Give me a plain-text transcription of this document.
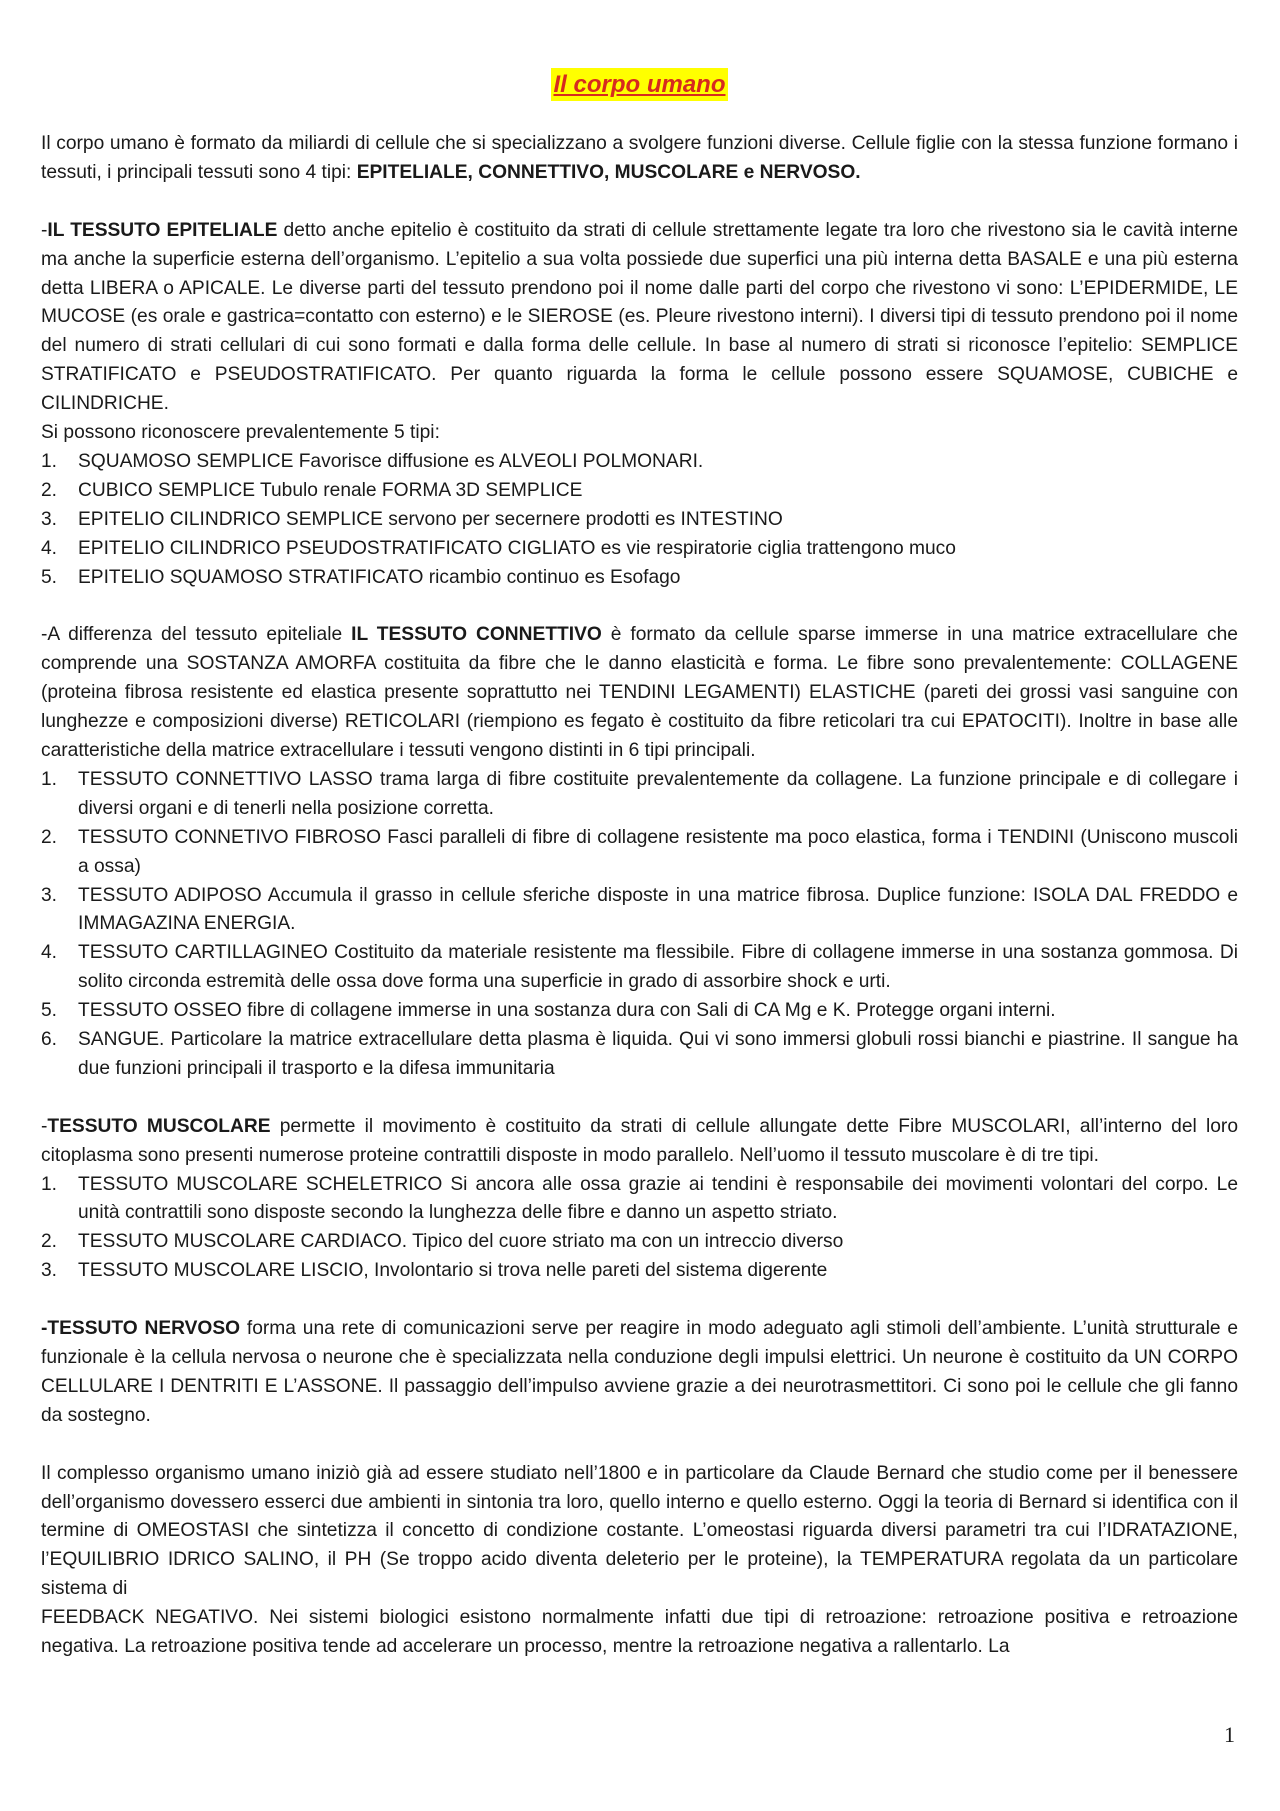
Il corpo umano

Il corpo umano è formato da miliardi di cellule che si specializzano a svolgere funzioni diverse. Cellule figlie con la stessa funzione formano i tessuti, i principali tessuti sono 4 tipi: EPITELIALE, CONNETTIVO, MUSCOLARE e NERVOSO.

-IL TESSUTO EPITELIALE detto anche epitelio è costituito da strati di cellule strettamente legate tra loro che rivestono sia le cavità interne ma anche la superficie esterna dell’organismo. L’epitelio a sua volta possiede due superfici una più interna detta BASALE e una più esterna detta LIBERA o APICALE. Le diverse parti del tessuto prendono poi il nome dalle parti del corpo che rivestono vi sono: L’EPIDERMIDE, LE MUCOSE (es orale e gastrica=contatto con esterno) e le SIEROSE (es. Pleure rivestono interni). I diversi tipi di tessuto prendono poi il nome del numero di strati cellulari di cui sono formati e dalla forma delle cellule. In base al numero di strati si riconosce l’epitelio: SEMPLICE STRATIFICATO e PSEUDOSTRATIFICATO. Per quanto riguarda la forma le cellule possono essere SQUAMOSE, CUBICHE e CILINDRICHE.

Si possono riconoscere prevalentemente 5 tipi:

1. SQUAMOSO SEMPLICE Favorisce diffusione es ALVEOLI POLMONARI.
2. CUBICO SEMPLICE Tubulo renale FORMA 3D SEMPLICE
3. EPITELIO CILINDRICO SEMPLICE servono per secernere prodotti es INTESTINO
4. EPITELIO CILINDRICO PSEUDOSTRATIFICATO CIGLIATO es vie respiratorie ciglia trattengono muco
5. EPITELIO SQUAMOSO STRATIFICATO ricambio continuo es Esofago

-A differenza del tessuto epiteliale IL TESSUTO CONNETTIVO è formato da cellule sparse immerse in una matrice extracellulare che comprende una SOSTANZA AMORFA costituita da fibre che le danno elasticità e forma. Le fibre sono prevalentemente: COLLAGENE (proteina fibrosa resistente ed elastica presente soprattutto nei TENDINI LEGAMENTI) ELASTICHE (pareti dei grossi vasi sanguine con lunghezze e composizioni diverse) RETICOLARI (riempiono es fegato è costituito da fibre reticolari tra cui EPATOCITI). Inoltre in base alle caratteristiche della matrice extracellulare i tessuti vengono distinti in 6 tipi principali.

1. TESSUTO CONNETTIVO LASSO trama larga di fibre costituite prevalentemente da collagene. La funzione principale e di collegare i diversi organi e di tenerli nella posizione corretta.
2. TESSUTO CONNETIVO FIBROSO Fasci paralleli di fibre di collagene resistente ma poco elastica, forma i TENDINI (Uniscono muscoli a ossa)
3. TESSUTO ADIPOSO Accumula il grasso in cellule sferiche disposte in una matrice fibrosa. Duplice funzione: ISOLA DAL FREDDO e IMMAGAZINA ENERGIA.
4. TESSUTO CARTILLAGINEO Costituito da materiale resistente ma flessibile. Fibre di collagene immerse in una sostanza gommosa. Di solito circonda estremità delle ossa dove forma una superficie in grado di assorbire shock e urti.
5. TESSUTO OSSEO fibre di collagene immerse in una sostanza dura con Sali di CA Mg e K. Protegge organi interni.
6. SANGUE. Particolare la matrice extracellulare detta plasma è liquida. Qui vi sono immersi globuli rossi bianchi e piastrine. Il sangue ha due funzioni principali il trasporto e la difesa immunitaria

-TESSUTO MUSCOLARE permette il movimento è costituito da strati di cellule allungate dette Fibre MUSCOLARI, all’interno del loro citoplasma sono presenti numerose proteine contrattili disposte in modo parallelo. Nell’uomo il tessuto muscolare è di tre tipi.

1. TESSUTO MUSCOLARE SCHELETRICO Si ancora alle ossa grazie ai tendini è responsabile dei movimenti volontari del corpo. Le unità contrattili sono disposte secondo la lunghezza delle fibre e danno un aspetto striato.
2. TESSUTO MUSCOLARE CARDIACO. Tipico del cuore striato ma con un intreccio diverso
3. TESSUTO MUSCOLARE LISCIO, Involontario si trova nelle pareti del sistema digerente

-TESSUTO NERVOSO forma una rete di comunicazioni serve per reagire in modo adeguato agli stimoli dell’ambiente. L’unità strutturale e funzionale è la cellula nervosa o neurone che è specializzata nella conduzione degli impulsi elettrici. Un neurone è costituito da UN CORPO CELLULARE I DENTRITI E L’ASSONE. Il passaggio dell’impulso avviene grazie a dei neurotrasmettitori. Ci sono poi le cellule che gli fanno da sostegno.

Il complesso organismo umano iniziò già ad essere studiato nell’1800 e in particolare da Claude Bernard che studio come per il benessere dell’organismo dovessero esserci due ambienti in sintonia tra loro, quello interno e quello esterno. Oggi la teoria di Bernard si identifica con il termine di OMEOSTASI che sintetizza il concetto di condizione costante. L’omeostasi riguarda diversi parametri tra cui l’IDRATAZIONE, l’EQUILIBRIO IDRICO SALINO, il PH (Se troppo acido diventa deleterio per le proteine), la TEMPERATURA regolata da un particolare sistema di

FEEDBACK NEGATIVO. Nei sistemi biologici esistono normalmente infatti due tipi di retroazione: retroazione positiva e retroazione negativa. La retroazione positiva tende ad accelerare un processo, mentre la retroazione negativa a rallentarlo. La

1
